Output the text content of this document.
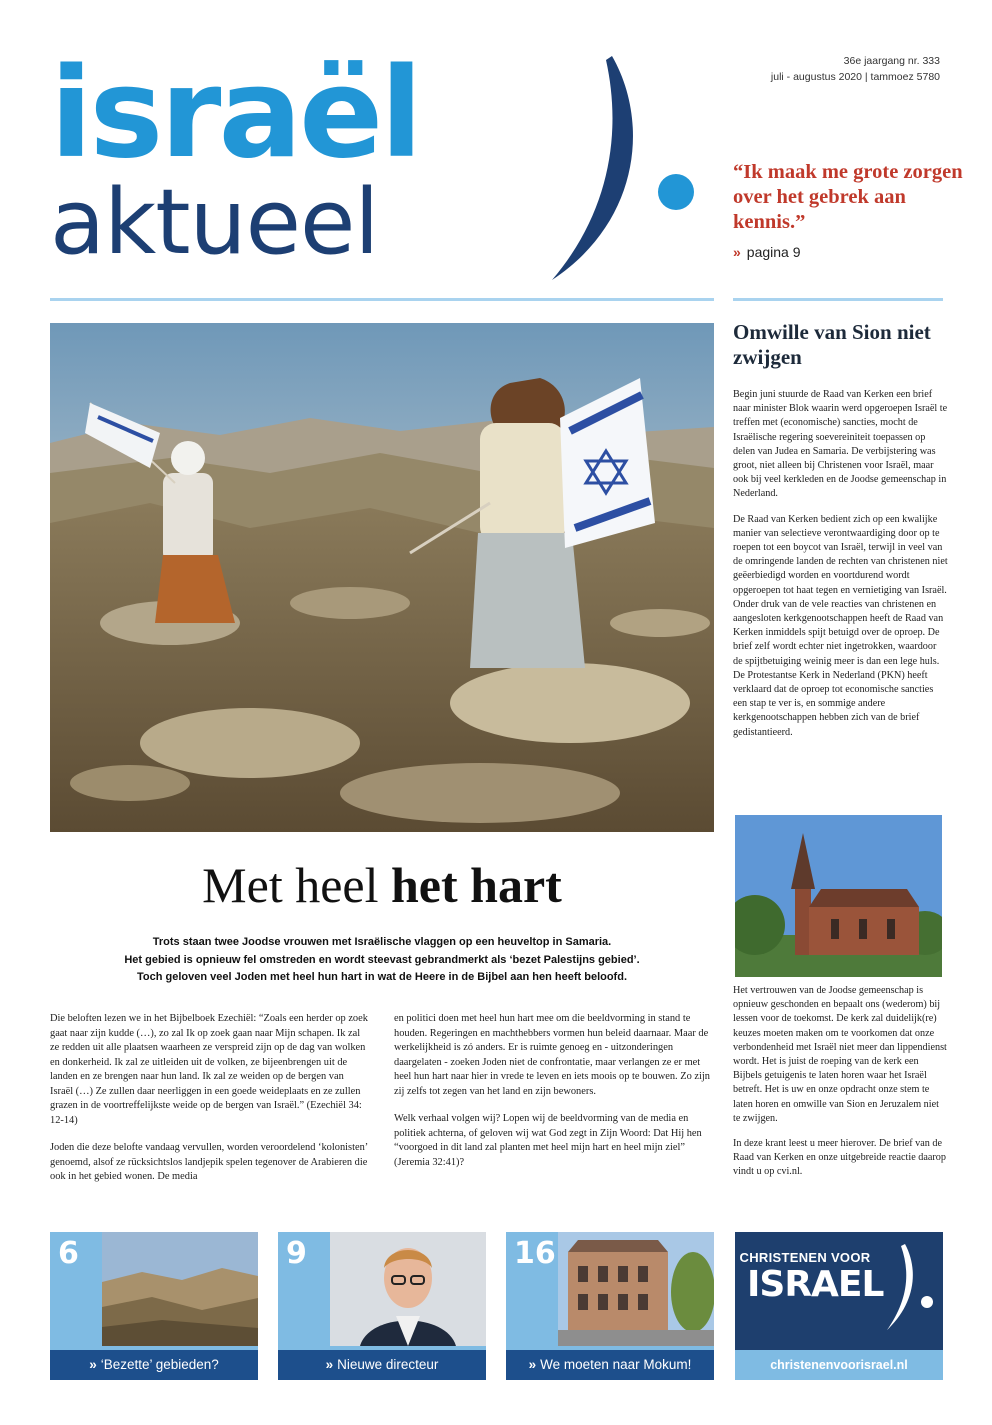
israël
aktueel
36e jaargang nr. 333
juli - augustus 2020 | tammoez 5780
“Ik maak me grote zorgen over het gebrek aan kennis.”
» pagina 9
Met heel het hart
Trots staan twee Joodse vrouwen met Israëlische vlaggen op een heuveltop in Samaria.
Het gebied is opnieuw fel omstreden en wordt steevast gebrandmerkt als ‘bezet Palestijns gebied’.
Toch geloven veel Joden met heel hun hart in wat de Heere in de Bijbel aan hen heeft beloofd.

Die beloften lezen we in het Bijbelboek Ezechiël: “Zoals een herder op zoek gaat naar zijn kudde (…), zo zal Ik op zoek gaan naar Mijn schapen. Ik zal ze redden uit alle plaatsen waarheen ze verspreid zijn op de dag van wolken en donkerheid. Ik zal ze uitleiden uit de volken, ze bijeenbrengen uit de landen en ze brengen naar hun land. Ik zal ze weiden op de bergen van Israël (…) Ze zullen daar neerliggen in een goede weideplaats en ze zullen grazen in de voortreffelijkste weide op de bergen van Israël.” (Ezechiël 34: 12-14)

Joden die deze belofte vandaag vervullen, worden veroordelend ‘kolonisten’ genoemd, alsof ze rücksichtslos landjepik spelen tegenover de Arabieren die ook in het gebied wonen. De media

en politici doen met heel hun hart mee om die beeldvorming in stand te houden. Regeringen en machthebbers vormen hun beleid daarnaar. Maar de werkelijkheid is zó anders. Er is ruimte genoeg en - uitzonderingen daargelaten - zoeken Joden niet de confrontatie, maar verlangen ze er met heel hun hart naar hier in vrede te leven en iets moois op te bouwen. Zo zijn zij zelfs tot zegen van het land en zijn bewoners.

Welk verhaal volgen wij? Lopen wij de beeldvorming van de media en politiek achterna, of geloven wij wat God zegt in Zijn Woord: Dat Hij hen “voorgoed in dit land zal planten met heel mijn hart en heel mijn ziel” (Jeremia 32:41)?

Omwille van Sion niet zwijgen

Begin juni stuurde de Raad van Kerken een brief naar minister Blok waarin werd opgeroepen Israël te treffen met (economische) sancties, mocht de Israëlische regering soevereiniteit toepassen op delen van Judea en Samaria. De verbijstering was groot, niet alleen bij Christenen voor Israël, maar ook bij veel kerkleden en de Joodse gemeenschap in Nederland.

De Raad van Kerken bedient zich op een kwalijke manier van selectieve verontwaardiging door op te roepen tot een boycot van Israël, terwijl in veel van de omringende landen de rechten van christenen niet geëerbiedigd worden en voortdurend wordt opgeroepen tot haat tegen en vernietiging van Israël. Onder druk van de vele reacties van christenen en aangesloten kerkgenootschappen heeft de Raad van Kerken inmiddels spijt betuigd over de oproep. De brief zelf wordt echter niet ingetrokken, waardoor de spijtbetuiging weinig meer is dan een lege huls. De Protestantse Kerk in Nederland (PKN) heeft verklaard dat de oproep tot economische sancties een stap te ver is, en sommige andere kerkgenootschappen hebben zich van de brief gedistantieerd.

Het vertrouwen van de Joodse gemeenschap is opnieuw geschonden en bepaalt ons (wederom) bij lessen voor de toekomst. De kerk zal duidelijk(re) keuzes moeten maken om te voorkomen dat onze verbondenheid met Israël niet meer dan lippendienst wordt. Het is juist de roeping van de kerk een Bijbels getuigenis te laten horen waar het Israël betreft. Het is uw en onze opdracht onze stem te laten horen en omwille van Sion en Jeruzalem niet te zwijgen.

In deze krant leest u meer hierover. De brief van de Raad van Kerken en onze uitgebreide reactie daarop vindt u op cvi.nl.

6
» ‘Bezette’ gebieden?
9
» Nieuwe directeur
16
» We moeten naar Mokum!
CHRISTENEN VOOR
ISRAEL
christenenvoorisrael.nl
